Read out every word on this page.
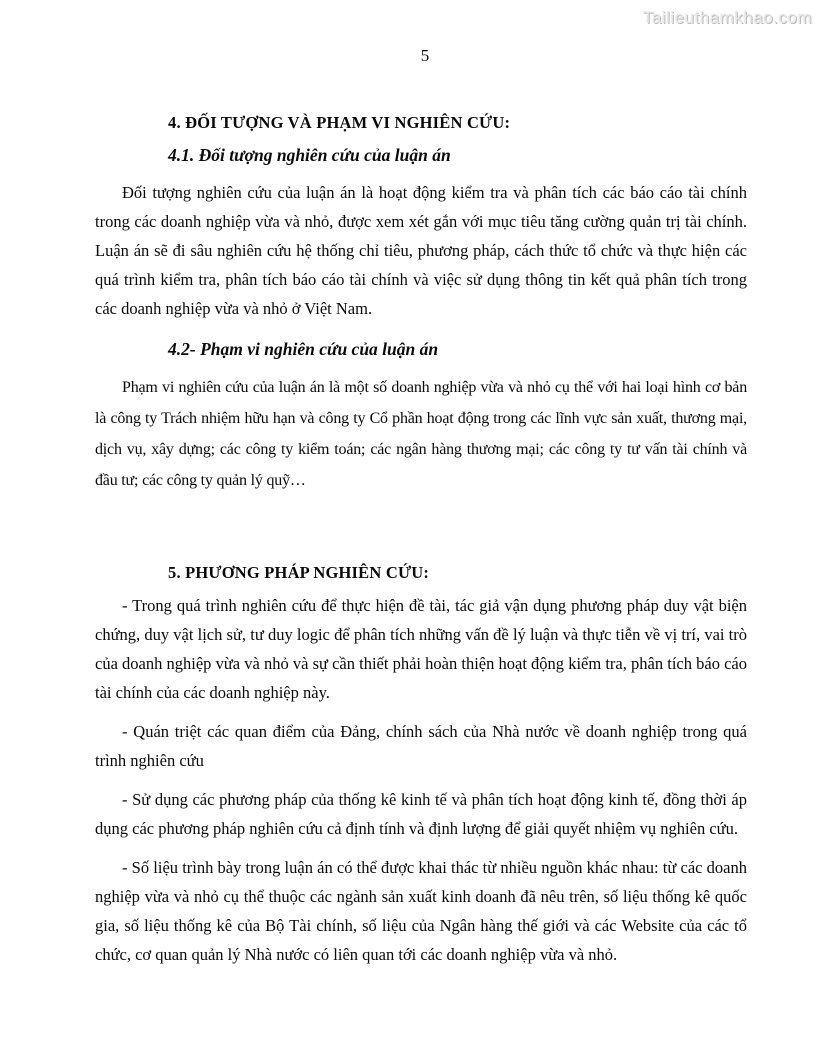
Tailieuthamkhao.com
5
4. ĐỐI TƯỢNG VÀ PHẠM VI NGHIÊN CỨU:
4.1. Đối tượng nghiên cứu của luận án

Đối tượng nghiên cứu của luận án là hoạt động kiểm tra và phân tích các báo cáo tài chính trong các doanh nghiệp vừa và nhỏ, được xem xét gắn với mục tiêu tăng cường quản trị tài chính. Luận án sẽ đi sâu nghiên cứu hệ thống chỉ tiêu, phương pháp, cách thức tổ chức và thực hiện các quá trình kiểm tra, phân tích báo cáo tài chính và việc sử dụng thông tin kết quả phân tích trong các doanh nghiệp vừa và nhỏ ở Việt Nam.

4.2- Phạm vi nghiên cứu của luận án

Phạm vi nghiên cứu của luận án là một số doanh nghiệp vừa và nhỏ cụ thể với hai loại hình cơ bản là công ty Trách nhiệm hữu hạn và công ty Cổ phần hoạt động trong các lĩnh vực sản xuất, thương mại, dịch vụ, xây dựng; các công ty kiểm toán; các ngân hàng thương mại; các công ty tư vấn tài chính và đầu tư; các công ty quản lý quỹ…

5. PHƯƠNG PHÁP NGHIÊN CỨU:

- Trong quá trình nghiên cứu để thực hiện đề tài, tác giả vận dụng phương pháp duy vật biện chứng, duy vật lịch sử, tư duy logic để phân tích những vấn đề lý luận và thực tiễn về vị trí, vai trò của doanh nghiệp vừa và nhỏ và sự cần thiết phải hoàn thiện hoạt động kiểm tra, phân tích báo cáo tài chính của các doanh nghiệp này.

- Quán triệt các quan điểm của Đảng, chính sách của Nhà nước về doanh nghiệp trong quá trình nghiên cứu

- Sử dụng các phương pháp của thống kê kinh tế và phân tích hoạt động kinh tế, đồng thời áp dụng các phương pháp nghiên cứu cả định tính và định lượng để giải quyết nhiệm vụ nghiên cứu.

- Số liệu trình bày trong luận án có thể được khai thác từ nhiều nguồn khác nhau: từ các doanh nghiệp vừa và nhỏ cụ thể thuộc các ngành sản xuất kinh doanh đã nêu trên, số liệu thống kê quốc gia, số liệu thống kê của Bộ Tài chính, số liệu của Ngân hàng thế giới và các Website của các tổ chức, cơ quan quản lý Nhà nước có liên quan tới các doanh nghiệp vừa và nhỏ.
